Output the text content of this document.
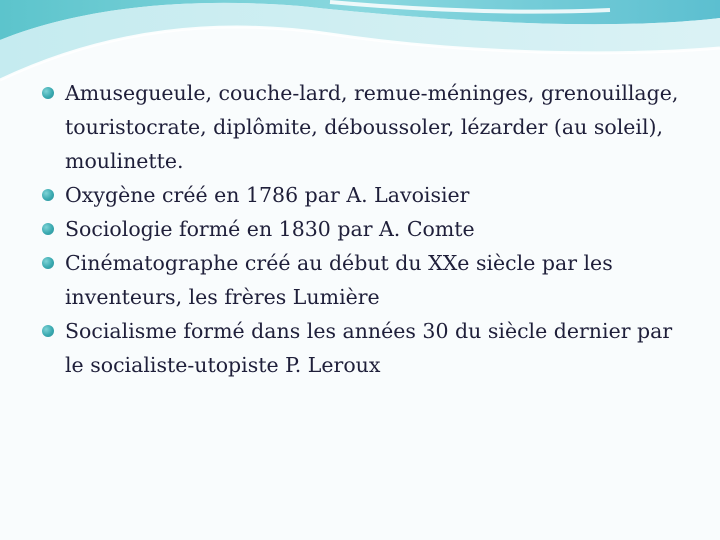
Amusegueule, couche-lard, remue-méninges, grenouillage, touristocrate, diplômite, déboussoler, lézarder (au soleil), moulinette.
Oxygène créé en 1786 par A. Lavoisier
Sociologie formé en 1830 par A. Comte
Cinématographe créé au début du XXe siècle par les inventeurs, les frères Lumière
Socialisme formé dans les années 30 du siècle dernier par le socialiste-utopiste P. Leroux
